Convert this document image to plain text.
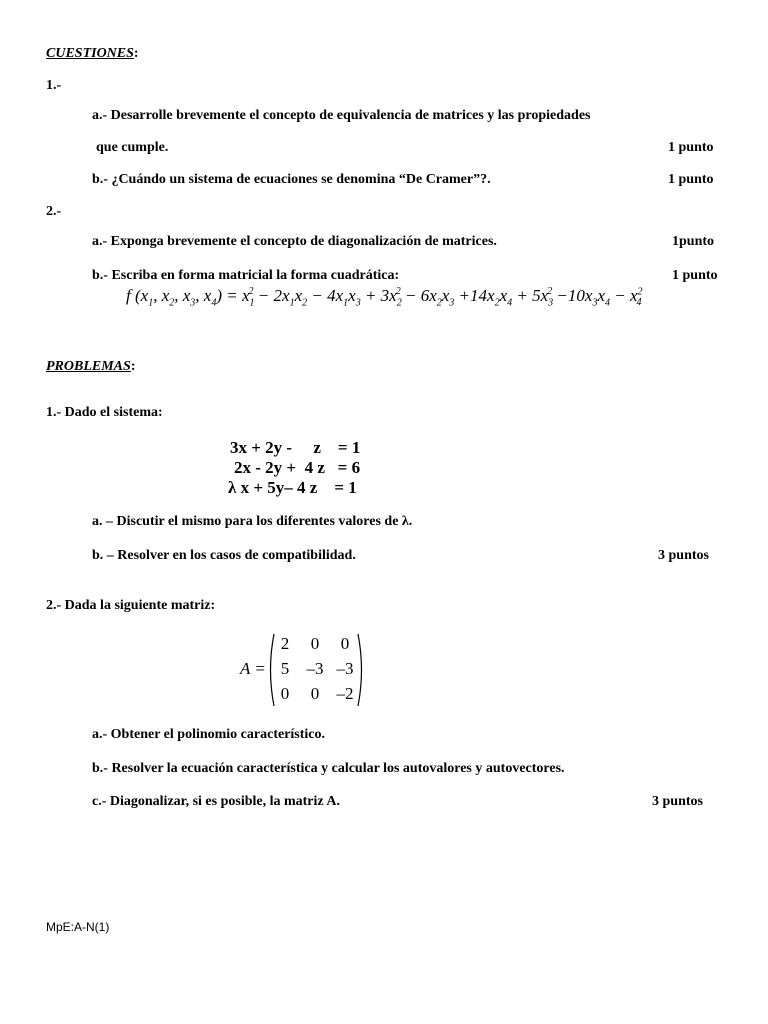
CUESTIONES:
1.-
a.- Desarrolle brevemente el concepto de equivalencia de matrices y las propiedades
que cumple.	1 punto
b.- ¿Cuándo un sistema de ecuaciones se denomina “De Cramer”?.	1 punto
2.-
a.- Exponga brevemente el concepto de diagonalización de matrices.	1punto
b.- Escriba en forma matricial la forma cuadrática:	1 punto
f ($x_1$, $x_2$, $x_3$, $x_4) = x_1^2 - 2x_1x_2 - 4x_1x_3 + 3x_2^2 - 6x_2x_3 +14x_2x_4 + 5x_3^2 -10x_3x_4 - x^2_4$
PROBLEMAS:
1.- Dado el sistema:
3x + 2y -     z    = 1
2x - 2y +  4 z   = 6
λ x + 5y– 4 z    = 1
a. – Discutir el mismo para los diferentes valores de λ.
b. – Resolver en los casos de compatibilidad.	3 puntos
2.- Dada la siguiente matriz:
A =
2	0	0
5	–3 –3
0	0	–2
a.- Obtener el polinomio característico.
b.- Resolver la ecuación característica y calcular los autovalores y autovectores.
c.- Diagonalizar, si es posible, la matriz A.	3 puntos
MpE:A-N(1)
